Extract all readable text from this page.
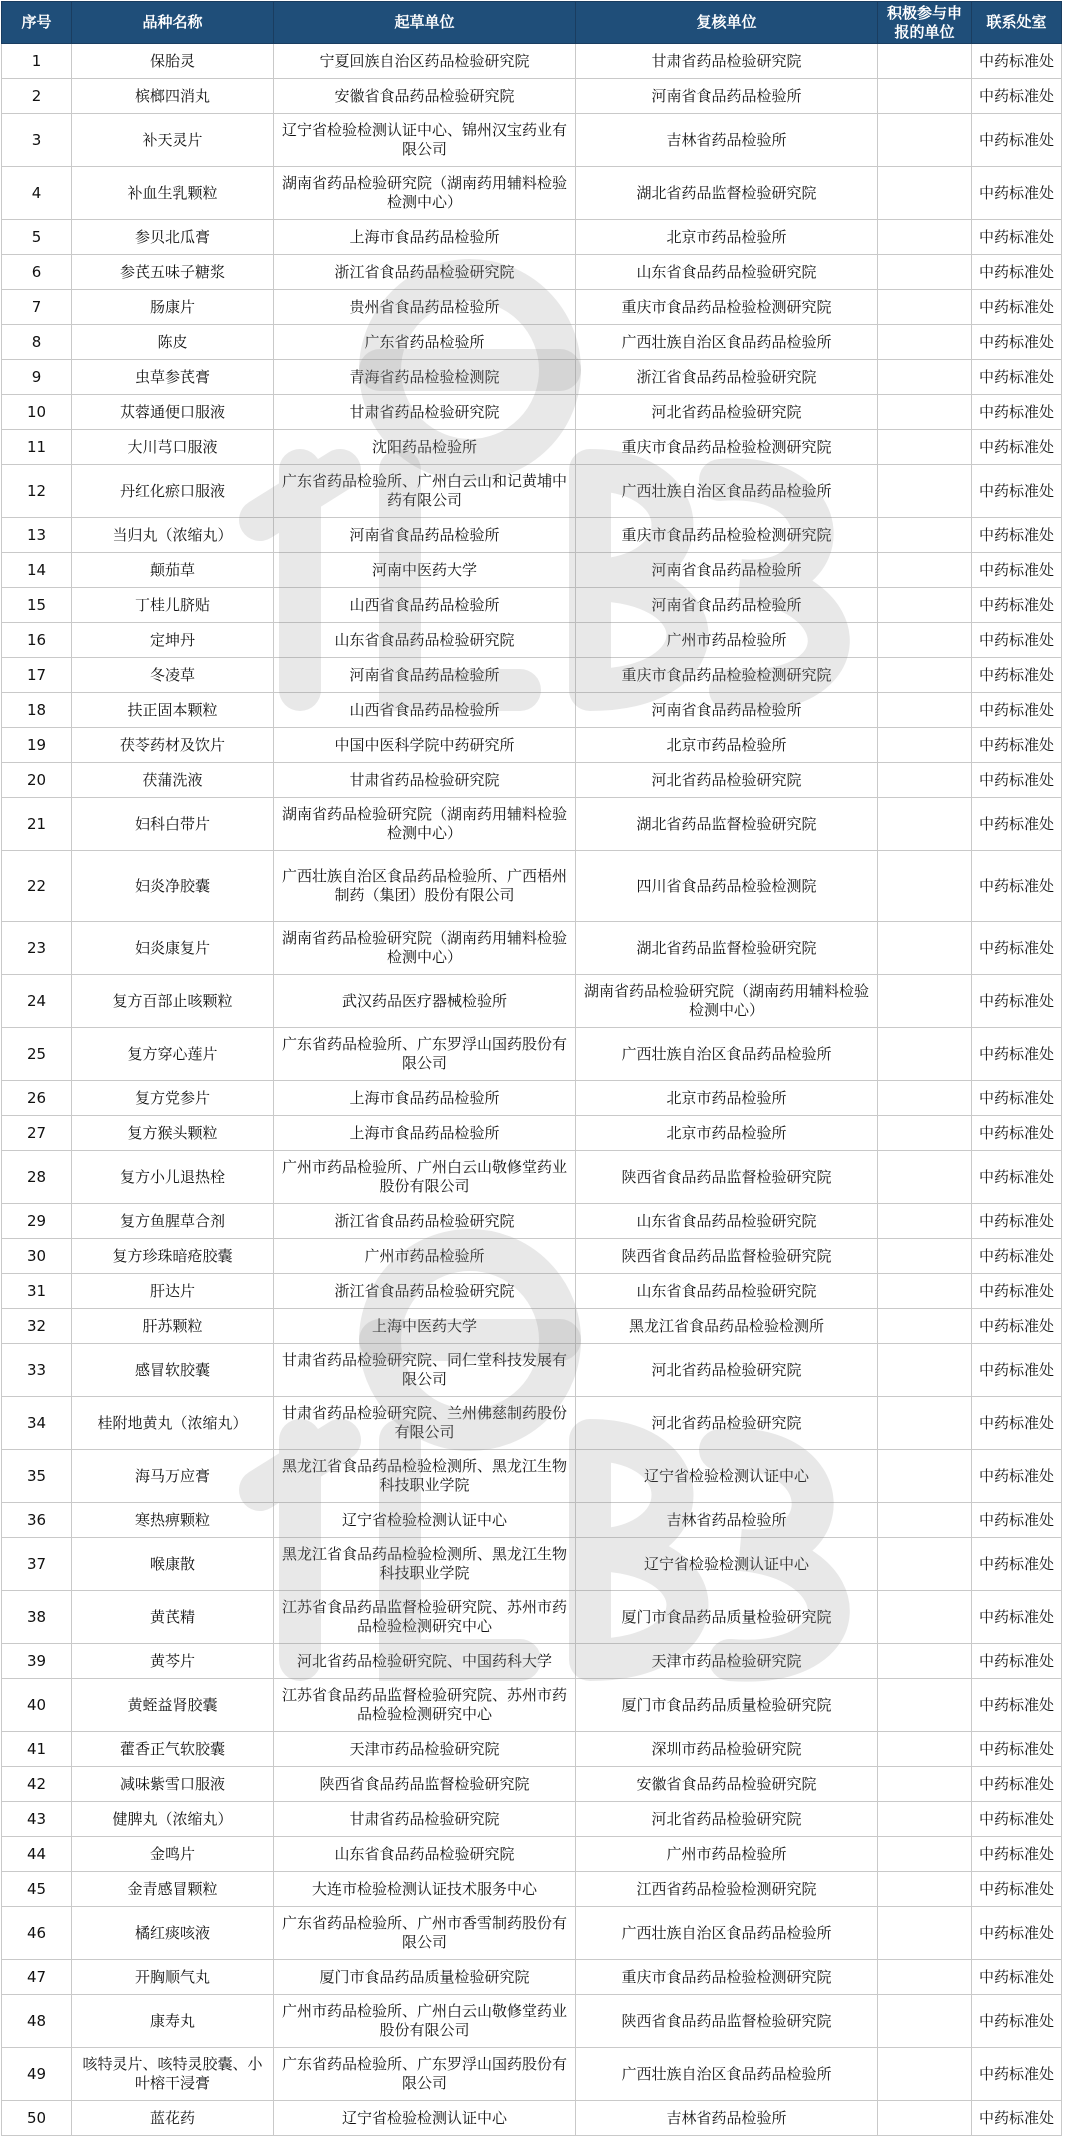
序号	品种名称	起草单位	复核单位	积极参与申报的单位	联系处室
1	保胎灵	宁夏回族自治区药品检验研究院	甘肃省药品检验研究院		中药标准处
2	槟榔四消丸	安徽省食品药品检验研究院	河南省食品药品检验所		中药标准处
3	补天灵片	辽宁省检验检测认证中心、锦州汉宝药业有限公司	吉林省药品检验所		中药标准处
4	补血生乳颗粒	湖南省药品检验研究院（湖南药用辅料检验检测中心）	湖北省药品监督检验研究院		中药标准处
5	参贝北瓜膏	上海市食品药品检验所	北京市药品检验所		中药标准处
6	参芪五味子糖浆	浙江省食品药品检验研究院	山东省食品药品检验研究院		中药标准处
7	肠康片	贵州省食品药品检验所	重庆市食品药品检验检测研究院		中药标准处
8	陈皮	广东省药品检验所	广西壮族自治区食品药品检验所		中药标准处
9	虫草参芪膏	青海省药品检验检测院	浙江省食品药品检验研究院		中药标准处
10	苁蓉通便口服液	甘肃省药品检验研究院	河北省药品检验研究院		中药标准处
11	大川芎口服液	沈阳药品检验所	重庆市食品药品检验检测研究院		中药标准处
12	丹红化瘀口服液	广东省药品检验所、广州白云山和记黄埔中药有限公司	广西壮族自治区食品药品检验所		中药标准处
13	当归丸（浓缩丸）	河南省食品药品检验所	重庆市食品药品检验检测研究院		中药标准处
14	颠茄草	河南中医药大学	河南省食品药品检验所		中药标准处
15	丁桂儿脐贴	山西省食品药品检验所	河南省食品药品检验所		中药标准处
16	定坤丹	山东省食品药品检验研究院	广州市药品检验所		中药标准处
17	冬凌草	河南省食品药品检验所	重庆市食品药品检验检测研究院		中药标准处
18	扶正固本颗粒	山西省食品药品检验所	河南省食品药品检验所		中药标准处
19	茯苓药材及饮片	中国中医科学院中药研究所	北京市药品检验所		中药标准处
20	茯蒲洗液	甘肃省药品检验研究院	河北省药品检验研究院		中药标准处
21	妇科白带片	湖南省药品检验研究院（湖南药用辅料检验检测中心）	湖北省药品监督检验研究院		中药标准处
22	妇炎净胶囊	广西壮族自治区食品药品检验所、广西梧州制药（集团）股份有限公司	四川省食品药品检验检测院		中药标准处
23	妇炎康复片	湖南省药品检验研究院（湖南药用辅料检验检测中心）	湖北省药品监督检验研究院		中药标准处
24	复方百部止咳颗粒	武汉药品医疗器械检验所	湖南省药品检验研究院（湖南药用辅料检验检测中心）		中药标准处
25	复方穿心莲片	广东省药品检验所、广东罗浮山国药股份有限公司	广西壮族自治区食品药品检验所		中药标准处
26	复方党参片	上海市食品药品检验所	北京市药品检验所		中药标准处
27	复方猴头颗粒	上海市食品药品检验所	北京市药品检验所		中药标准处
28	复方小儿退热栓	广州市药品检验所、广州白云山敬修堂药业股份有限公司	陕西省食品药品监督检验研究院		中药标准处
29	复方鱼腥草合剂	浙江省食品药品检验研究院	山东省食品药品检验研究院		中药标准处
30	复方珍珠暗疮胶囊	广州市药品检验所	陕西省食品药品监督检验研究院		中药标准处
31	肝达片	浙江省食品药品检验研究院	山东省食品药品检验研究院		中药标准处
32	肝苏颗粒	上海中医药大学	黑龙江省食品药品检验检测所		中药标准处
33	感冒软胶囊	甘肃省药品检验研究院、同仁堂科技发展有限公司	河北省药品检验研究院		中药标准处
34	桂附地黄丸（浓缩丸）	甘肃省药品检验研究院、兰州佛慈制药股份有限公司	河北省药品检验研究院		中药标准处
35	海马万应膏	黑龙江省食品药品检验检测所、黑龙江生物科技职业学院	辽宁省检验检测认证中心		中药标准处
36	寒热痹颗粒	辽宁省检验检测认证中心	吉林省药品检验所		中药标准处
37	喉康散	黑龙江省食品药品检验检测所、黑龙江生物科技职业学院	辽宁省检验检测认证中心		中药标准处
38	黄芪精	江苏省食品药品监督检验研究院、苏州市药品检验检测研究中心	厦门市食品药品质量检验研究院		中药标准处
39	黄芩片	河北省药品检验研究院、中国药科大学	天津市药品检验研究院		中药标准处
40	黄蛭益肾胶囊	江苏省食品药品监督检验研究院、苏州市药品检验检测研究中心	厦门市食品药品质量检验研究院		中药标准处
41	藿香正气软胶囊	天津市药品检验研究院	深圳市药品检验研究院		中药标准处
42	减味紫雪口服液	陕西省食品药品监督检验研究院	安徽省食品药品检验研究院		中药标准处
43	健脾丸（浓缩丸）	甘肃省药品检验研究院	河北省药品检验研究院		中药标准处
44	金鸣片	山东省食品药品检验研究院	广州市药品检验所		中药标准处
45	金青感冒颗粒	大连市检验检测认证技术服务中心	江西省药品检验检测研究院		中药标准处
46	橘红痰咳液	广东省药品检验所、广州市香雪制药股份有限公司	广西壮族自治区食品药品检验所		中药标准处
47	开胸顺气丸	厦门市食品药品质量检验研究院	重庆市食品药品检验检测研究院		中药标准处
48	康寿丸	广州市药品检验所、广州白云山敬修堂药业股份有限公司	陕西省食品药品监督检验研究院		中药标准处
49	咳特灵片、咳特灵胶囊、小叶榕干浸膏	广东省药品检验所、广东罗浮山国药股份有限公司	广西壮族自治区食品药品检验所		中药标准处
50	蓝花药	辽宁省检验检测认证中心	吉林省药品检验所		中药标准处
